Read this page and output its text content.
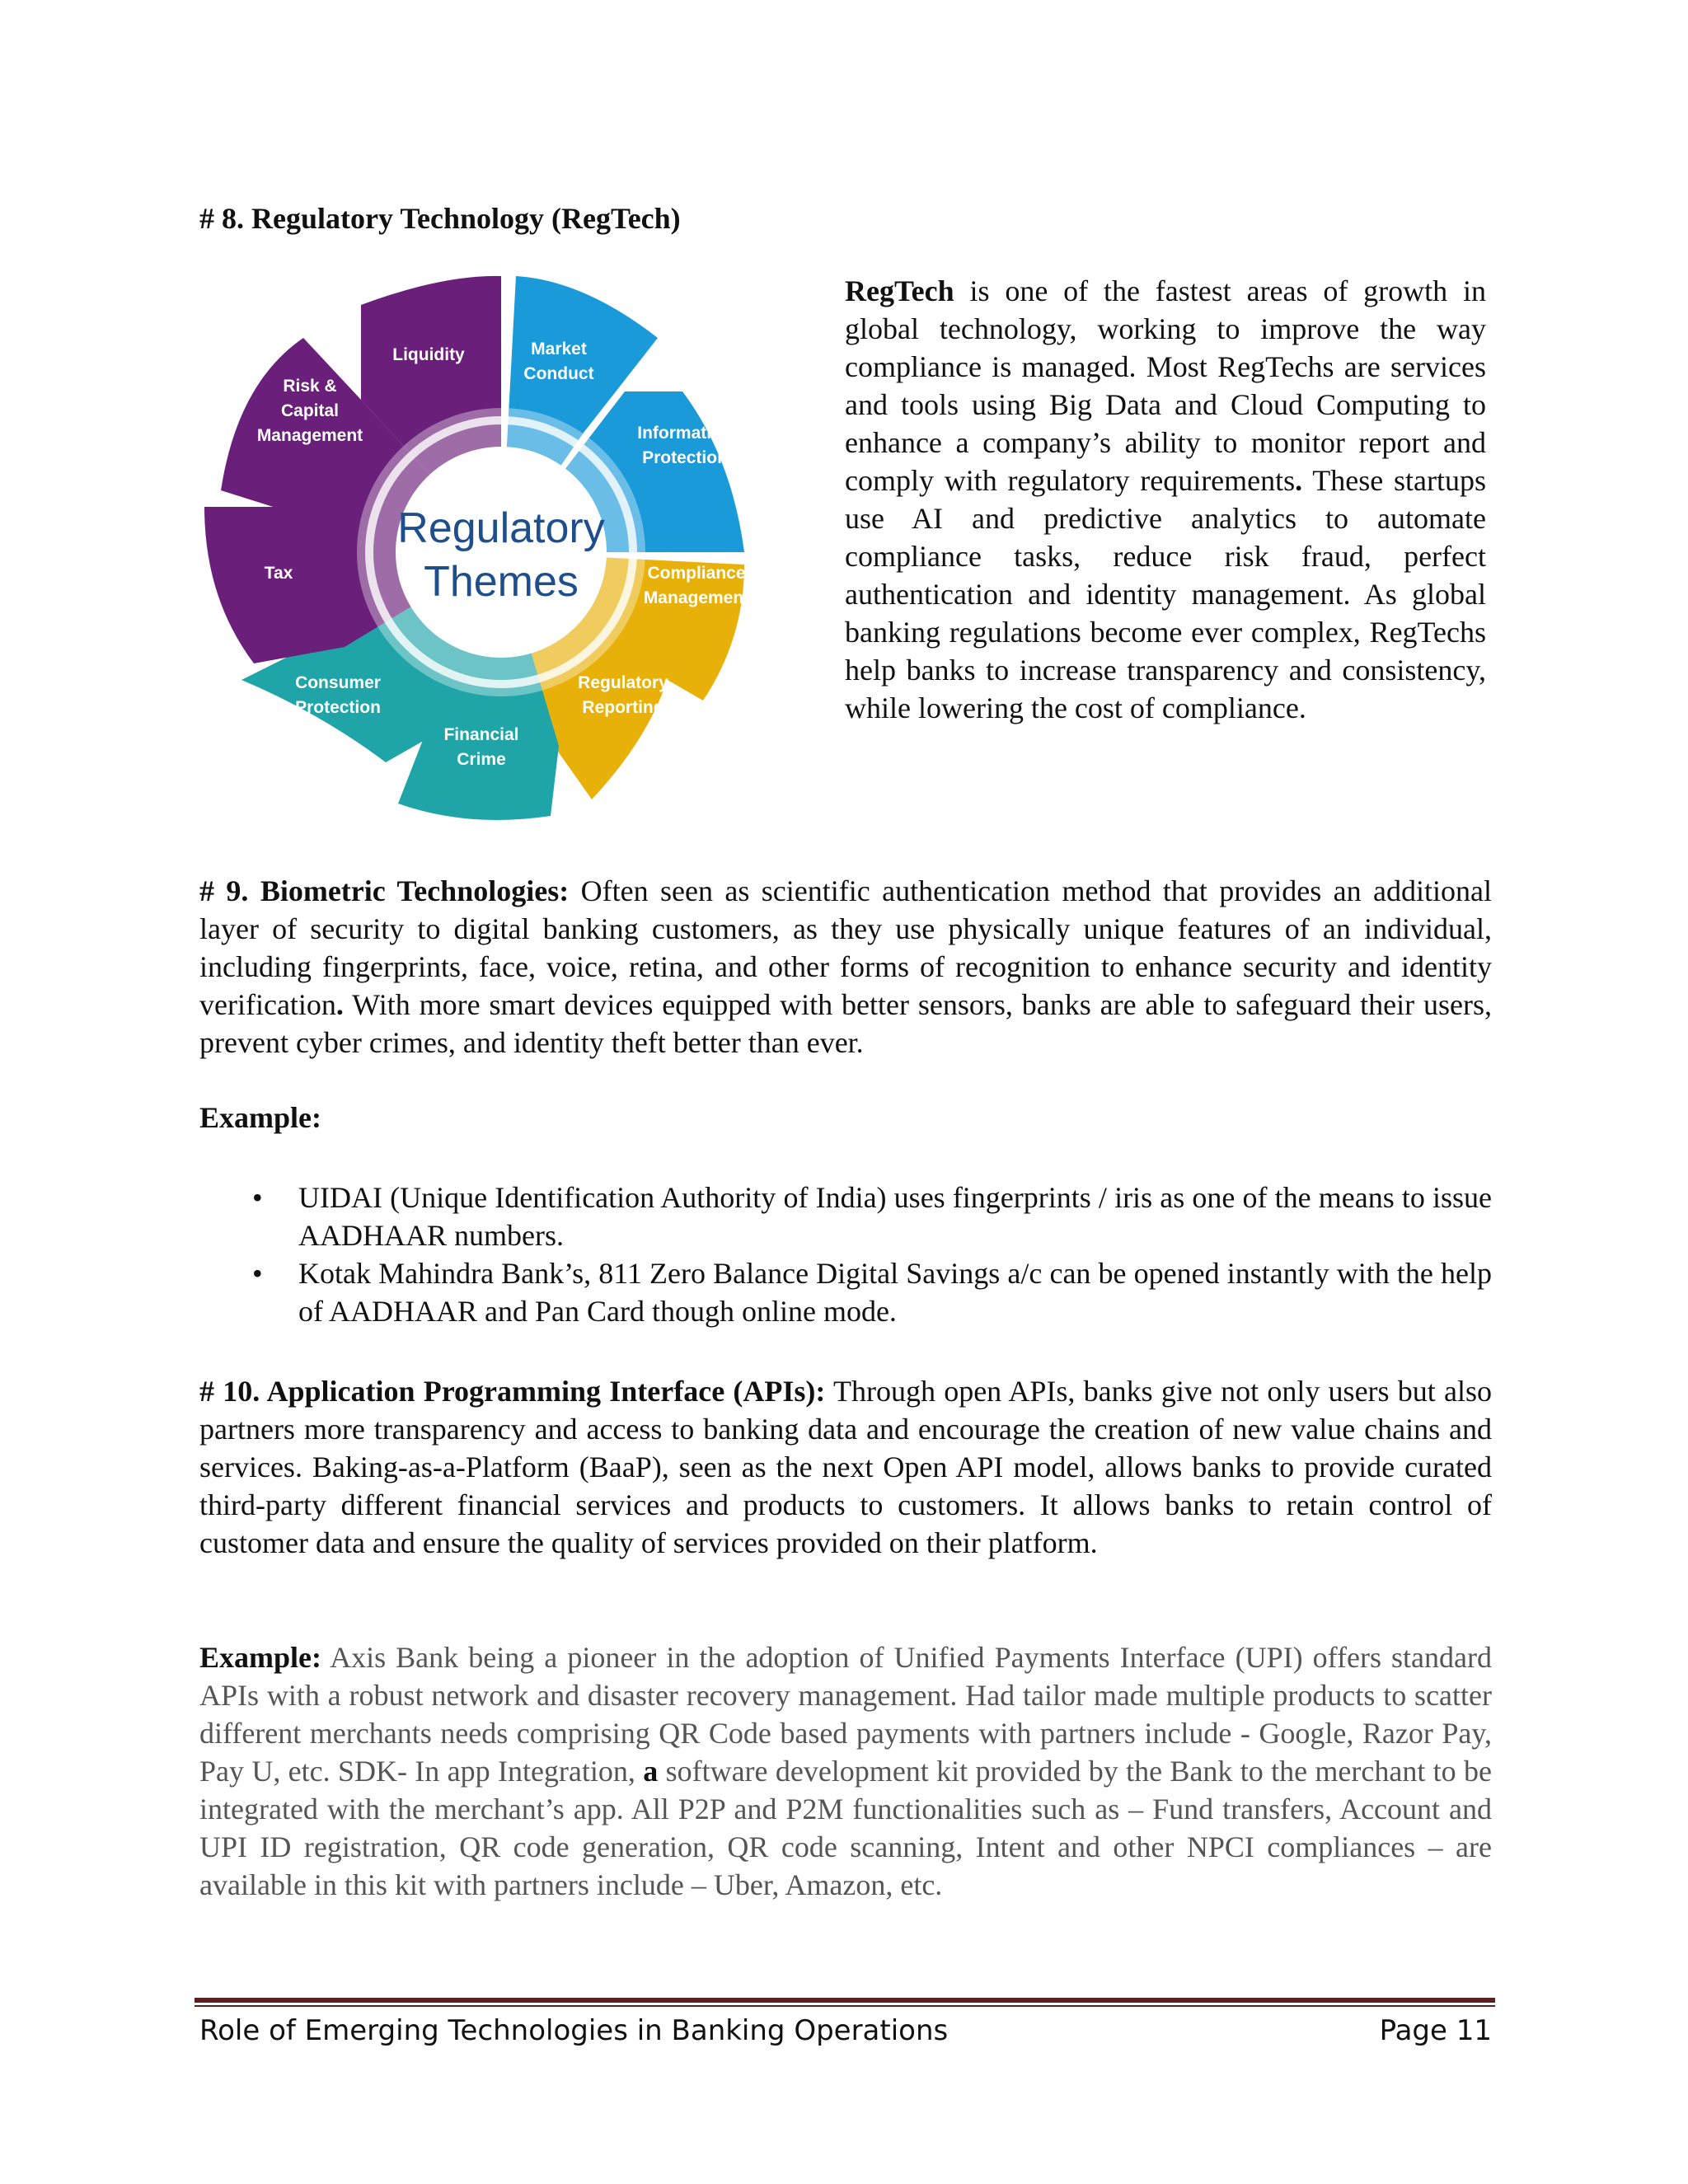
# 8. Regulatory Technology (RegTech)
Regulatory
Themes
Liquidity	Market
Conduct
Information
Protection
Compliance
Management
Regulatory
Reporting
Financial
Crime
Consumer
Protection
Tax
Risk &
Capital
Management

RegTech is one of the fastest areas of growth in global technology, working to improve the way compliance is managed. Most RegTechs are services and tools using Big Data and Cloud Computing to enhance a company’s ability to monitor report and comply with regulatory requirements. These startups use AI and predictive analytics to automate compliance tasks, reduce risk fraud, perfect authentication and identity management. As global banking regulations become ever complex, RegTechs help banks to increase transparency and consistency, while lowering the cost of compliance.

# 9. Biometric Technologies: Often seen as scientific authentication method that provides an additional layer of security to digital banking customers, as they use physically unique features of an individual, including fingerprints, face, voice, retina, and other forms of recognition to enhance security and identity verification. With more smart devices equipped with better sensors, banks are able to safeguard their users, prevent cyber crimes, and identity theft better than ever.

Example:

• UIDAI (Unique Identification Authority of India) uses fingerprints / iris as one of the means to issue AADHAAR numbers.
• Kotak Mahindra Bank’s, 811 Zero Balance Digital Savings a/c can be opened instantly with the help of AADHAAR and Pan Card though online mode.

# 10. Application Programming Interface (APIs): Through open APIs, banks give not only users but also partners more transparency and access to banking data and encourage the creation of new value chains and services. Baking-as-a-Platform (BaaP), seen as the next Open API model, allows banks to provide curated third-party different financial services and products to customers. It allows banks to retain control of customer data and ensure the quality of services provided on their platform.

Example: Axis Bank being a pioneer in the adoption of Unified Payments Interface (UPI) offers standard APIs with a robust network and disaster recovery management. Had tailor made multiple products to scatter different merchants needs comprising QR Code based payments with partners include - Google, Razor Pay, Pay U, etc. SDK- In app Integration, a software development kit provided by the Bank to the merchant to be integrated with the merchant’s app. All P2P and P2M functionalities such as – Fund transfers, Account and UPI ID registration, QR code generation, QR code scanning, Intent and other NPCI compliances – are available in this kit with partners include – Uber, Amazon, etc.

Role of Emerging Technologies in Banking Operations	Page 11
